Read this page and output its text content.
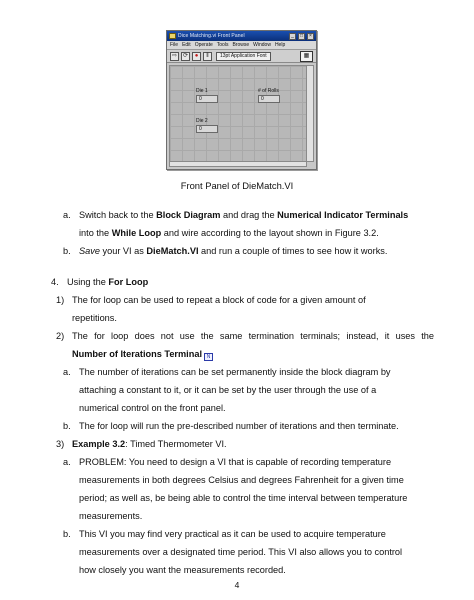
Dice Matching.vi Front Panel	_	□	×
File Edit Operate Tools Browse Window Help
⇨ ⟳	●	‖	13pt Application Font	▦
Die 1
0
# of Rolls
0
Die 2
0
Front Panel of DieMatch.VI
a. Switch back to the Block Diagram and drag the Numerical Indicator Terminals
into the While Loop and wire according to the layout shown in Figure 3.2.
b. Save your VI as DieMatch.VI and run a couple of times to see how it works.
4. Using the For Loop
1) The for loop can be used to repeat a block of code for a given amount of
repetitions.
2) The for loop does not use the same termination terminals; instead, it uses the
Number of Iterations Terminal N
a. The number of iterations can be set permanently inside the block diagram by
attaching a constant to it, or it can be set by the user through the use of a
numerical control on the front panel.
b. The for loop will run the pre-described number of iterations and then terminate.
3) Example 3.2: Timed Thermometer VI.
a. PROBLEM: You need to design a VI that is capable of recording temperature
measurements in both degrees Celsius and degrees Fahrenheit for a given time
period; as well as, be being able to control the time interval between temperature
measurements.
b. This VI you may find very practical as it can be used to acquire temperature
measurements over a designated time period. This VI also allows you to control
how closely you want the measurements recorded.
4
